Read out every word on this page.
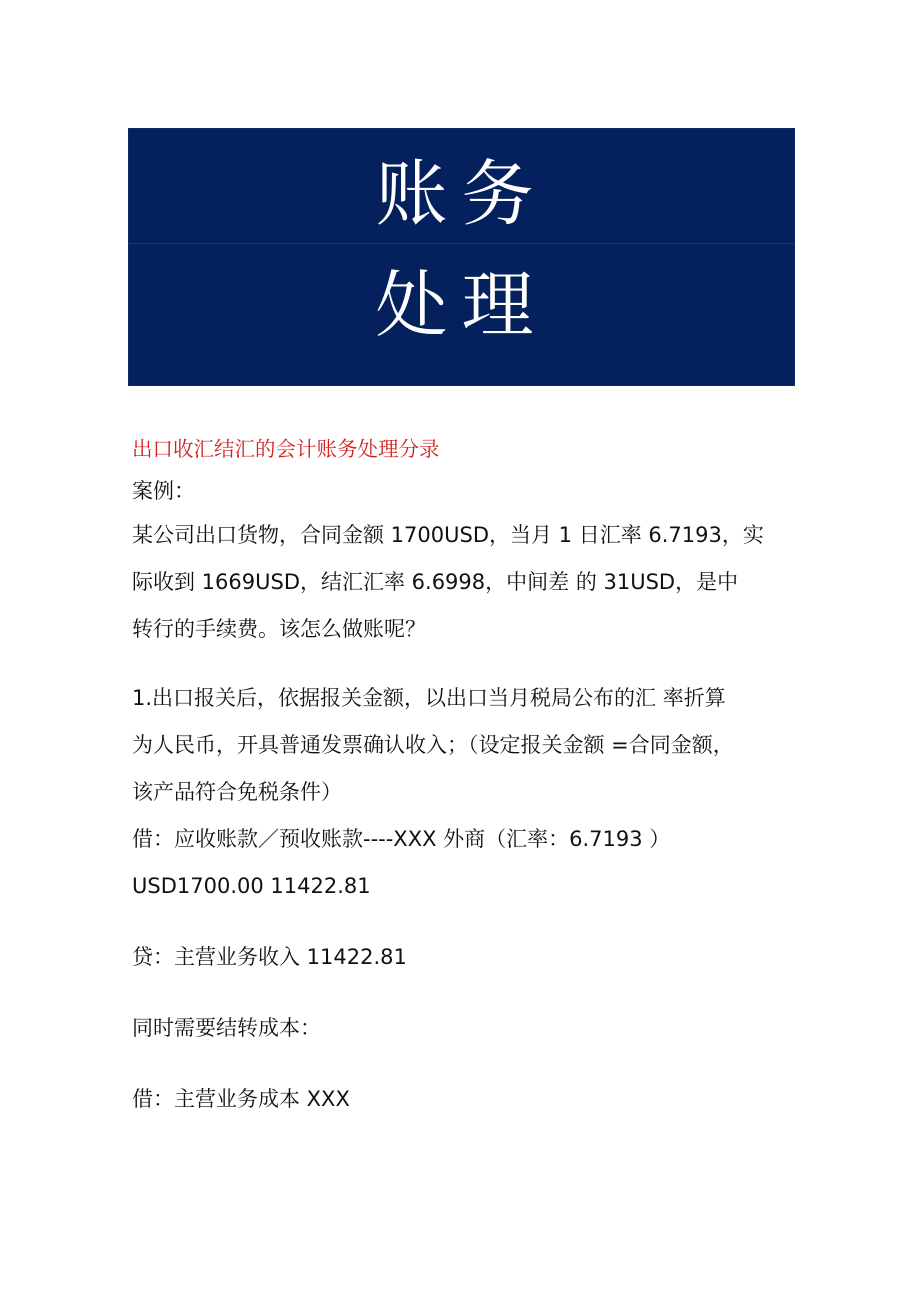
账务
处理

出口收汇结汇的会计账务处理分录

案例：

某公司出口货物，合同金额 1700USD，当月 1 日汇率 6.7193，实

际收到 1669USD，结汇汇率 6.6998，中间差 的 31USD，是中

转行的手续费。该怎么做账呢？

1.出口报关后，依据报关金额，以出口当月税局公布的汇 率折算

为人民币，开具普通发票确认收入；（设定报关金额 =合同金额，

该产品符合免税条件）

借：应收账款／预收账款----XXX 外商（汇率：6.7193 ）

USD1700.00 11422.81

贷：主营业务收入 11422.81

同时需要结转成本：

借：主营业务成本 XXX
